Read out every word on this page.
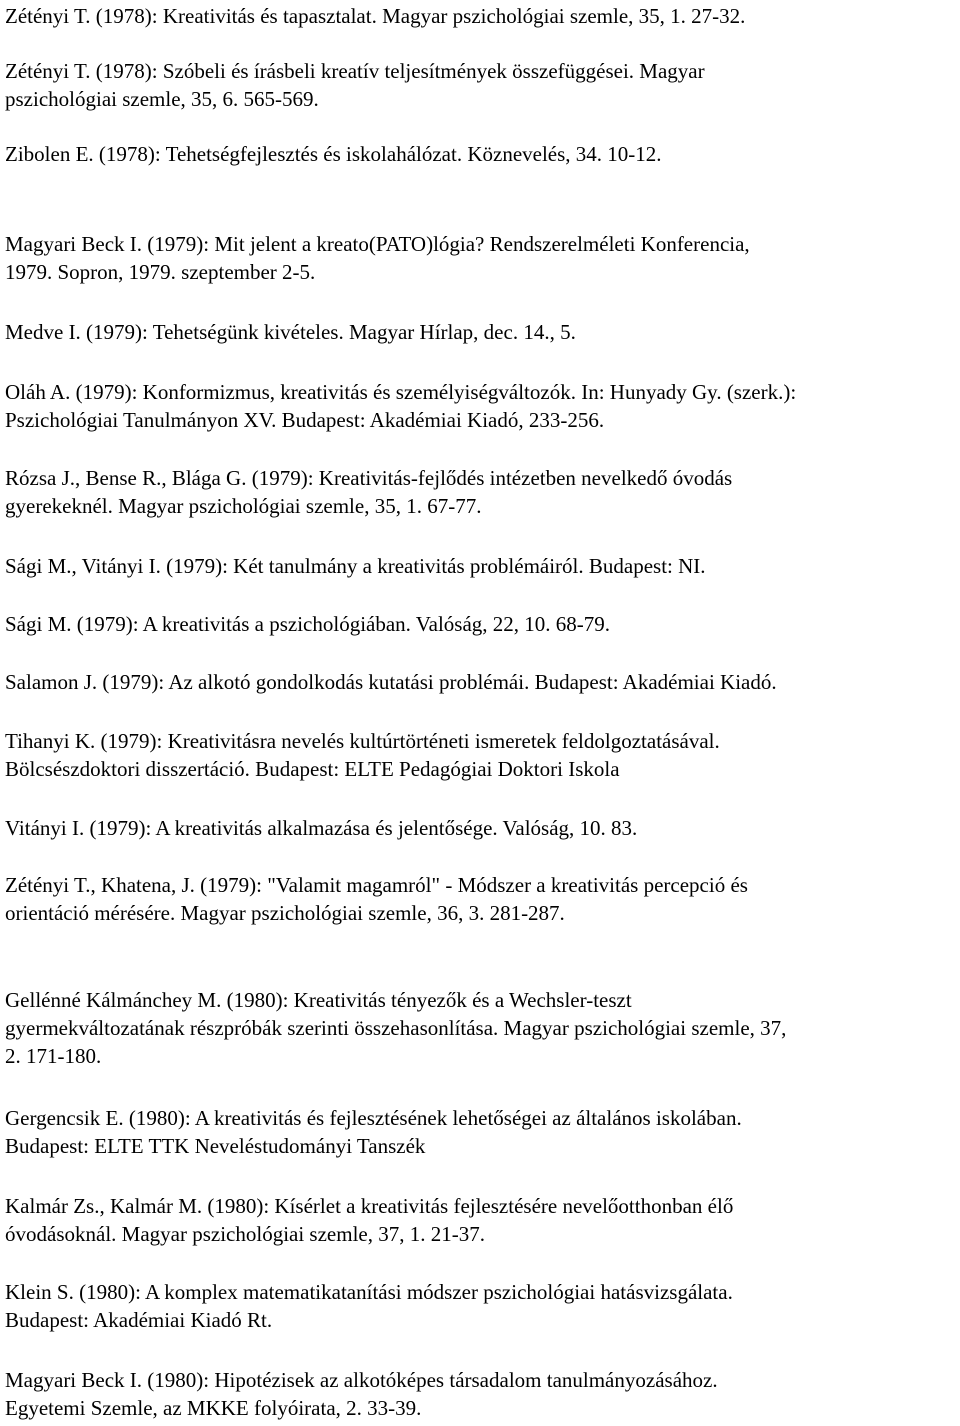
Zétényi T. (1978): Kreativitás és tapasztalat. Magyar pszichológiai szemle, 35, 1. 27-32.
Zétényi T. (1978): Szóbeli és írásbeli kreatív teljesítmények összefüggései. Magyar
pszichológiai szemle, 35, 6. 565-569.
Zibolen E. (1978): Tehetségfejlesztés és iskolahálózat. Köznevelés, 34. 10-12.
Magyari Beck I. (1979): Mit jelent a kreato(PATO)lógia? Rendszerelméleti Konferencia,
1979. Sopron, 1979. szeptember 2-5.
Medve I. (1979): Tehetségünk kivételes. Magyar Hírlap, dec. 14., 5.
Oláh A. (1979): Konformizmus, kreativitás és személyiségváltozók. In: Hunyady Gy. (szerk.):
Pszichológiai Tanulmányon XV. Budapest: Akadémiai Kiadó, 233-256.
Rózsa J., Bense R., Blága G. (1979): Kreativitás-fejlődés intézetben nevelkedő óvodás
gyerekeknél. Magyar pszichológiai szemle, 35, 1. 67-77.
Sági M., Vitányi I. (1979): Két tanulmány a kreativitás problémáiról. Budapest: NI.
Sági M. (1979): A kreativitás a pszichológiában. Valóság, 22, 10. 68-79.
Salamon J. (1979): Az alkotó gondolkodás kutatási problémái. Budapest: Akadémiai Kiadó.
Tihanyi K. (1979): Kreativitásra nevelés kultúrtörténeti ismeretek feldolgoztatásával.
Bölcsészdoktori disszertáció. Budapest: ELTE Pedagógiai Doktori Iskola
Vitányi I. (1979): A kreativitás alkalmazása és jelentősége. Valóság, 10. 83.
Zétényi T., Khatena, J. (1979): "Valamit magamról" - Módszer a kreativitás percepció és
orientáció mérésére. Magyar pszichológiai szemle, 36, 3. 281-287.
Gellénné Kálmánchey M. (1980): Kreativitás tényezők és a Wechsler-teszt
gyermekváltozatának részpróbák szerinti összehasonlítása. Magyar pszichológiai szemle, 37,
2. 171-180.
Gergencsik E. (1980): A kreativitás és fejlesztésének lehetőségei az általános iskolában.
Budapest: ELTE TTK Neveléstudományi Tanszék
Kalmár Zs., Kalmár M. (1980): Kísérlet a kreativitás fejlesztésére nevelőotthonban élő
óvodásoknál. Magyar pszichológiai szemle, 37, 1. 21-37.
Klein S. (1980): A komplex matematikatanítási módszer pszichológiai hatásvizsgálata.
Budapest: Akadémiai Kiadó Rt.
Magyari Beck I. (1980): Hipotézisek az alkotóképes társadalom tanulmányozásához.
Egyetemi Szemle, az MKKE folyóirata, 2. 33-39.
